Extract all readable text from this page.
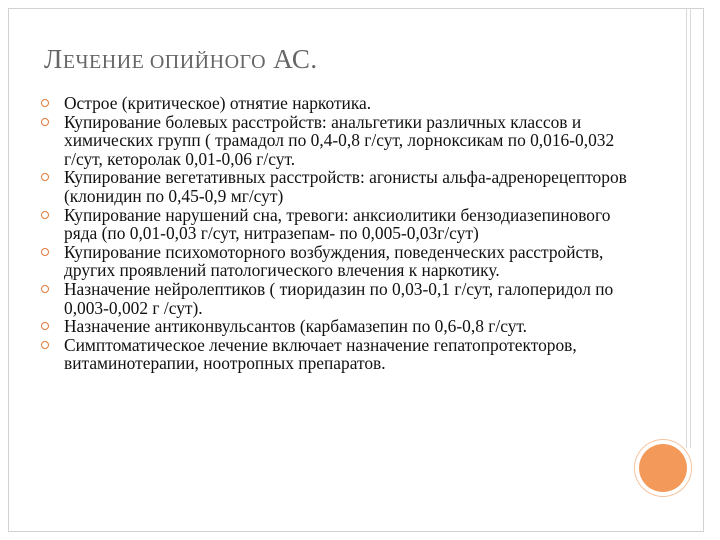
ЛЕЧЕНИЕ ОПИЙНОГО АС.
Острое (критическое) отнятие наркотика.
Купирование болевых расстройств: анальгетики различных классов и химических групп ( трамадол по 0,4-0,8 г/сут, лорноксикам по 0,016-0,032 г/сут, кеторолак 0,01-0,06 г/сут.
Купирование вегетативных расстройств: агонисты альфа-адренорецепторов (клонидин по 0,45-0,9 мг/сут)
Купирование нарушений сна, тревоги: анксиолитики бензодиазепинового ряда (по 0,01-0,03 г/сут, нитразепам- по 0,005-0,03г/сут)
Купирование психомоторного возбуждения, поведенческих расстройств, других проявлений патологического влечения к наркотику.
Назначение нейролептиков ( тиоридазин по 0,03-0,1 г/сут, галоперидол по 0,003-0,002 г /сут).
Назначение антиконвульсантов (карбамазепин по 0,6-0,8 г/сут.
Симптоматическое лечение включает назначение гепатопротекторов, витаминотерапии, ноотропных препаратов.
